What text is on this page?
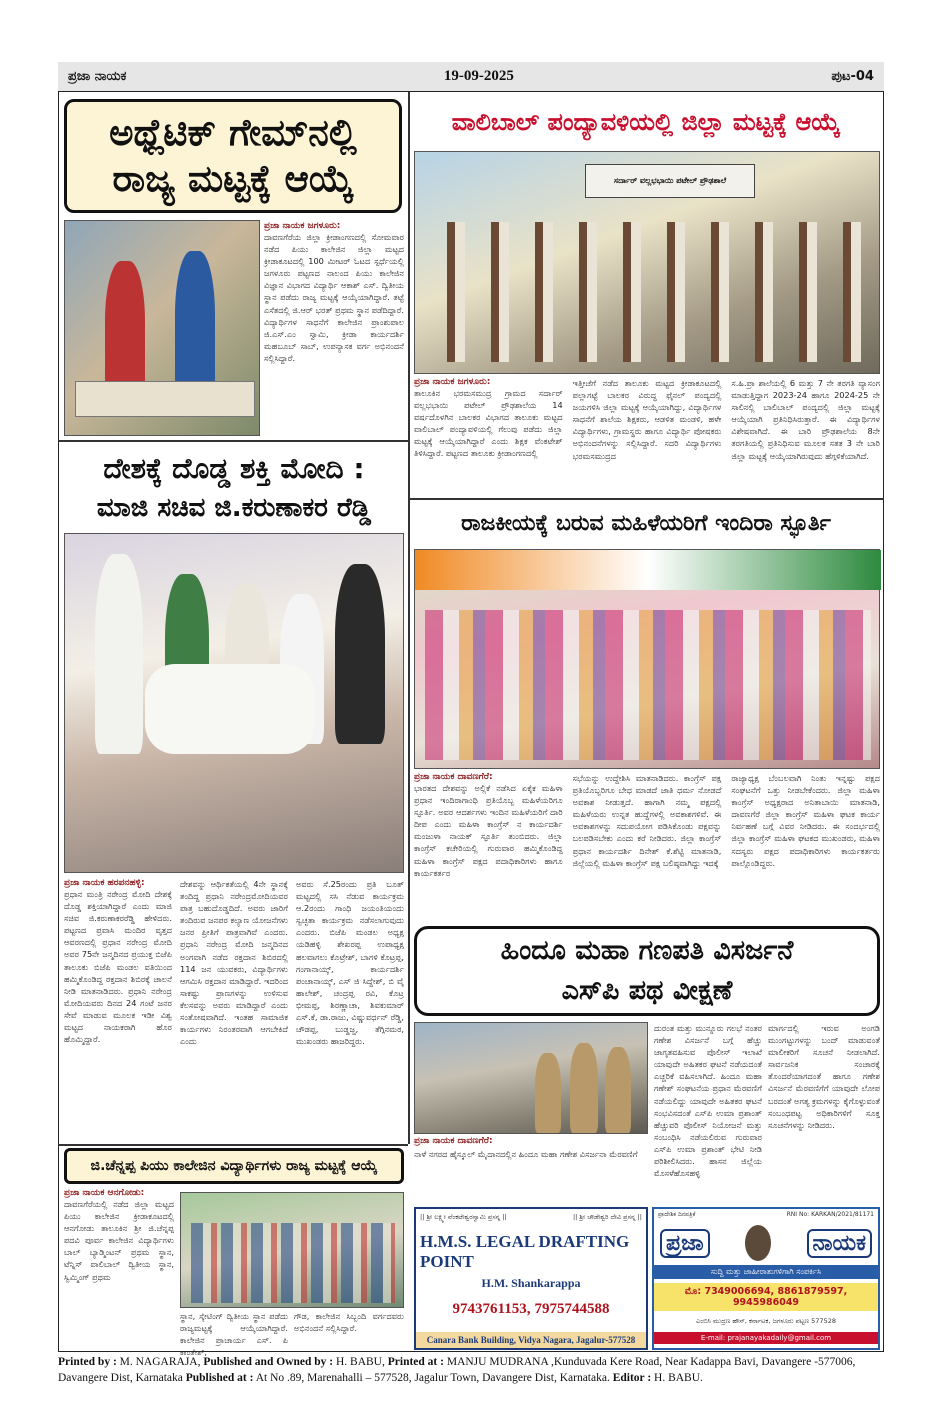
ಪ್ರಜಾ ನಾಯಕ	19-09-2025	ಪುಟ-04
ಅಥ್ಲೆಟಿಕ್ ಗೇಮ್‌ನಲ್ಲಿ
ರಾಜ್ಯ ಮಟ್ಟಕ್ಕೆ ಆಯ್ಕೆ
ಪ್ರಜಾ ನಾಯಕ ಜಗಳೂರು:
ದಾವಣಗೆರೆಯ ಜಿಲ್ಲಾ ಕ್ರೀಡಾಂಗಣದಲ್ಲಿ ಸೋಮವಾರ ನಡೆದ ಪಿಯು ಕಾಲೇಜಿನ ಜಿಲ್ಲಾ ಮಟ್ಟದ ಕ್ರೀಡಾಕೂಟದಲ್ಲಿ 100 ಮೀಟರ್ ಓಟದ ಸ್ಪರ್ಧೆಯಲ್ಲಿ ಜಗಳೂರು ಪಟ್ಟಣದ ನಾಲಂದ ಪಿಯು ಕಾಲೇಜಿನ ವಿಜ್ಞಾನ ವಿಭಾಗದ ವಿದ್ಯಾರ್ಥಿ ಆಕಾಶ್ ಎಸ್. ದ್ವಿತೀಯ ಸ್ಥಾನ ಪಡೆದು ರಾಜ್ಯ ಮಟ್ಟಕ್ಕೆ ಆಯ್ಕೆಯಾಗಿದ್ದಾರೆ. ತಟ್ಟೆ ಎಸೆತದಲ್ಲಿ ಜಿ.ಆರ್ ಭರತ್ ಪ್ರಥಮ ಸ್ಥಾನ ಪಡೆದಿದ್ದಾರೆ. ವಿದ್ಯಾರ್ಥಿಗಳ ಸಾಧನೆಗೆ ಕಾಲೇಜಿನ ಪ್ರಾಂಶುಪಾಲ ಜಿ.ಎಸ್.ಎಂ ಸ್ವಾಮಿ, ಕ್ರೀಡಾ ಕಾರ್ಯದರ್ಶಿ ಮಹಬೂಬ್ ಸಾಬ್, ಉಪನ್ಯಾಸಕ ವರ್ಗ ಅಭಿನಂದನೆ ಸಲ್ಲಿಸಿದ್ದಾರೆ.
ವಾಲಿಬಾಲ್ ಪಂದ್ಯಾವಳಿಯಲ್ಲಿ ಜಿಲ್ಲಾ ಮಟ್ಟಕ್ಕೆ ಆಯ್ಕೆ
ಸರ್ದಾರ್ ವಲ್ಲಭಭಾಯಿ ಪಟೇಲ್ ಪ್ರೌಢಶಾಲೆ
ಪ್ರಜಾ ನಾಯಕ ಜಗಳೂರು:
ತಾಲೂಕಿನ ಭರಮಸಮುದ್ರ ಗ್ರಾಮದ ಸರ್ದಾರ್ ವಲ್ಲಭಭಾಯಿ ಪಟೇಲ್ ಪ್ರೌಢಶಾಲೆಯ 14 ವರ್ಷದೊಳಗಿನ ಬಾಲಕರ ವಿಭಾಗದ ತಾಲೂಕು ಮಟ್ಟದ ವಾಲಿಬಾಲ್ ಪಂದ್ಯಾವಳಿಯಲ್ಲಿ ಗೆಲುವು ಪಡೆದು ಜಿಲ್ಲಾ ಮಟ್ಟಕ್ಕೆ ಆಯ್ಕೆಯಾಗಿದ್ದಾರೆ ಎಂದು ಶಿಕ್ಷಕ ವೆಂಕಟೇಶ್ ತಿಳಿಸಿದ್ದಾರೆ. ಪಟ್ಟಣದ ತಾಲೂಕು ಕ್ರೀಡಾಂಗಣದಲ್ಲಿ
ಇತ್ತೀಚೆಗೆ ನಡೆದ ತಾಲೂಕು ಮಟ್ಟದ ಕ್ರೀಡಾಕೂಟದಲ್ಲಿ ಪಲ್ಲಾಗಟ್ಟೆ ಬಾಲಕರ ವಿರುದ್ಧ ಫೈನಲ್ ಪಂದ್ಯದಲ್ಲಿ ಜಯಗಳಿಸಿ ಜಿಲ್ಲಾ ಮಟ್ಟಕ್ಕೆ ಆಯ್ಕೆಯಾಗಿದ್ದು, ವಿದ್ಯಾರ್ಥಿಗಳ ಸಾಧನೆಗೆ ಶಾಲೆಯ ಶಿಕ್ಷಕರು, ಆಡಳಿತ ಮಂಡಳಿ, ಹಳೇ ವಿದ್ಯಾರ್ಥಿಗಳು, ಗ್ರಾಮಸ್ಥರು ಹಾಗೂ ವಿದ್ಯಾರ್ಥಿ ಪೋಷಕರು ಅಭಿನಂದನೆಗಳನ್ನು ಸಲ್ಲಿಸಿದ್ದಾರೆ. ಸದರಿ ವಿದ್ಯಾರ್ಥಿಗಳು ಭರಮಸಮುದ್ರದ
ಸ.ಹಿ.ಪ್ರಾ ಶಾಲೆಯಲ್ಲಿ 6 ಮತ್ತು 7 ನೇ ತರಗತಿ ವ್ಯಾಸಂಗ ಮಾಡುತ್ತಿದ್ದಾಗ 2023-24 ಹಾಗೂ 2024-25 ನೇ ಸಾಲಿನಲ್ಲಿ ಬಾಲಿಬಾಲ್ ಪಂದ್ಯದಲ್ಲಿ ಜಿಲ್ಲಾ ಮಟ್ಟಕ್ಕೆ ಆಯ್ಕೆಯಾಗಿ ಪ್ರತಿನಿಧಿಸಿರುತ್ತಾರೆ. ಈ ವಿದ್ಯಾರ್ಥಿಗಳ ವಿಶೇಷವಾಗಿದೆ. ಈ ಬಾರಿ ಪ್ರೌಢಶಾಲೆಯ 8ನೇ ತರಗತಿಯಲ್ಲಿ ಪ್ರತಿನಿಧಿಸುವ ಮೂಲಕ ಸತತ 3 ನೇ ಬಾರಿ ಜಿಲ್ಲಾ ಮಟ್ಟಕ್ಕೆ ಆಯ್ಕೆಯಾಗಿರುವುದು ಹೆಗ್ಗಳಿಕೆಯಾಗಿದೆ.
ದೇಶಕ್ಕೆ ದೊಡ್ಡ ಶಕ್ತಿ ಮೋದಿ :
ಮಾಜಿ ಸಚಿವ ಜಿ.ಕರುಣಾಕರ ರೆಡ್ಡಿ
ಪ್ರಜಾ ನಾಯಕ ಹರಪನಹಳ್ಳಿ:
ಪ್ರಧಾನ ಮಂತ್ರಿ ನರೇಂದ್ರ ಮೋದಿ ದೇಶಕ್ಕೆ ದೊಡ್ಡ ಶಕ್ತಿಯಾಗಿದ್ದಾರೆ ಎಂದು ಮಾಜಿ ಸಚಿವ ಜಿ.ಕರುಣಾಕರರೆಡ್ಡಿ ಹೇಳಿದರು. ಪಟ್ಟಣದ ಪ್ರವಾಸಿ ಮಂದಿರ ವೃತ್ತದ ಆವರಣದಲ್ಲಿ ಪ್ರಧಾನ ನರೇಂದ್ರ ಮೋದಿ ಅವರ 75ನೇ ಜನ್ಮದಿನದ ಪ್ರಯುಕ್ತ ಬಿಜೆಪಿ ತಾಲೂಕು ಬಿಜೆಪಿ ಮಂಡಲ ವತಿಯಿಂದ ಹಮ್ಮಿಕೊಂಡಿದ್ದ ರಕ್ತದಾನ ಶಿಬಿರಕ್ಕೆ ಚಾಲನೆ ನೀಡಿ ಮಾತನಾಡಿದರು. ಪ್ರಧಾನಿ ನರೇಂದ್ರ ಮೋದಿಯವರು ದಿನದ 24 ಗಂಟೆ ಜನರ ಸೇವೆ ಮಾಡುವ ಮೂಲಕ ಇಡೀ ವಿಶ್ವ ಮಟ್ಟದ ನಾಯಕರಾಗಿ ಹೊರ ಹೊಮ್ಮಿದ್ದಾರೆ.
ದೇಶವನ್ನು ಆರ್ಥಿಕತೆಯಲ್ಲಿ 4ನೇ ಸ್ಥಾನಕ್ಕೆ ತಂದಿದ್ದ ಪ್ರಧಾನಿ ನರೇಂದ್ರಮೋದಿಯವರ ಪಾತ್ರ ಬಹುದೊಡ್ಡದಿದೆ. ಅವರು ಜಾರಿಗೆ ತಂದಿರುವ ಜನಪರ ಕಲ್ಯಾಣ ಯೋಜನೆಗಳು ಜನರ ಪ್ರೀತಿಗೆ ಪಾತ್ರವಾಗಿವೆ ಎಂದರು. ಪ್ರಧಾನಿ ನರೇಂದ್ರ ಮೋದಿ ಜನ್ಮದಿನದ ಅಂಗವಾಗಿ ನಡೆದ ರಕ್ತದಾನ ಶಿಬಿರದಲ್ಲಿ 114 ಜನ ಯುವಕರು, ವಿದ್ಯಾರ್ಥಿಗಳು ಆಗಮಿಸಿ ರಕ್ತದಾನ ಮಾಡಿದ್ದಾರೆ. ಇದರಿಂದ ಸಾಕಷ್ಟು ಪ್ರಾಣಗಳನ್ನು ಉಳಿಸುವ ಕೆಲಸವನ್ನು ಅವರು ಮಾಡಿದ್ದಾರೆ ಎಂದು ಸಂತೋಷವಾಗಿದೆ. ಇಂತಹ ಸಾಮಾಜಿಕ ಕಾರ್ಯಗಳು ನಿರಂತರವಾಗಿ ಆಗಬೇಕಿದೆ ಎಂದು
ಅವರು ಸೆ.25ರಂದು ಪ್ರತಿ ಬೂತ್ ಮಟ್ಟದಲ್ಲಿ ಸಸಿ ನೆಡುವ ಕಾರ್ಯಕ್ರಮ ಆ.2ರಂದು ಗಾಂಧಿ ಜಯಂತಿಯಂದು ಸ್ವಚ್ಛತಾ ಕಾರ್ಯಕ್ರಮ ನಡೆಸಲಾಗುವುದು ಎಂದರು. ಬಿಜೆಪಿ ಮಂಡಲ ಅಧ್ಯಕ್ಷ ಯಡಿಹಳ್ಳಿ ಶೇಖರಪ್ಪ ಉಪಾಧ್ಯಕ್ಷ ಹಲವಾಗಲು ಕೊಟ್ರೇಶ್, ಬಾಗಳಿ ಕೊಟ್ರಪ್ಪ, ಗಂಗಾನಾಯ್ಕ್, ಕಾರ್ಯದರ್ಶಿ ಪಂಚಾನಾಯ್ಕ್, ಎಸ್ ಜಿ ಸಿದ್ದೇಶ್, ಬಿ ವೈ ಹಾಲೇಶ್, ಚಂದ್ರಪ್ಪ ರವಿ, ಕೊಟ್ರ ಭೀಮಪ್ಪ, ಶಿರಣ್ಣಾಚಾ, ಶಿವಕುಮಾರ್ ಎಸ್.ಕೆ, ಡಾ.ರಾಜು, ವಿಷ್ಣುವರ್ಧನ್ ರೆಡ್ಡಿ, ಚೌಡಪ್ಪ, ಬುಡ್ಡಜ್ಜ, ತೆಗ್ಗಿನಮಠ, ಮುಖಂಡರು ಹಾಜರಿದ್ದರು.
ರಾಜಕೀಯಕ್ಕೆ ಬರುವ ಮಹಿಳೆಯರಿಗೆ ಇಂದಿರಾ ಸ್ಫೂರ್ತಿ
ಪ್ರಜಾ ನಾಯಕ ದಾವಣಗೆರೆ:
ಭಾರತದ ದೇಶವನ್ನು ಅಲ್ಲಿಕೆ ನಡೆಸಿದ ಏಕೈಕ ಮಹಿಳಾ ಪ್ರಧಾನ ಇಂದಿರಾಗಾಂಧಿ ಪ್ರತಿಯೊಬ್ಬ ಮಹಿಳೆಯರಿಗೂ ಸ್ಫೂರ್ತಿ. ಅವರ ಆದರ್ಶಗಳು ಇಂದಿನ ಮಹಿಳೆಯರಿಗೆ ದಾರಿ ದೀಪ ಎಂದು ಮಹಿಳಾ ಕಾಂಗ್ರೆಸ್ ನ ಕಾರ್ಯದರ್ಶಿ ಮಂಜುಳಾ ನಾಯಕ್ ಸ್ಫೂರ್ತಿ ತುಂಬಿದರು. ಜಿಲ್ಲಾ ಕಾಂಗ್ರೆಸ್ ಕಚೇರಿಯಲ್ಲಿ ಗುರುವಾರ ಹಮ್ಮಿಕೊಂಡಿದ್ದ ಮಹಿಳಾ ಕಾಂಗ್ರೆಸ್ ಪಕ್ಷದ ಪದಾಧಿಕಾರಿಗಳು ಹಾಗೂ ಕಾರ್ಯಕರ್ತರ
ಸಭೆಯನ್ನು ಉದ್ದೇಶಿಸಿ ಮಾತನಾಡಿದರು. ಕಾಂಗ್ರೆಸ್ ಪಕ್ಷ ಪ್ರತಿಯೊಬ್ಬರಿಗೂ ಬೇಧ ಮಾಡದೆ ಜಾತಿ ಧರ್ಮ ನೋಡದೆ ಅವಕಾಶ ನೀಡುತ್ತದೆ. ಹಾಗಾಗಿ ನಮ್ಮ ಪಕ್ಷದಲ್ಲಿ ಮಹಿಳೆಯರು ಉನ್ನತ ಹುದ್ದೆಗಳಲ್ಲಿ ಅವಕಾಶಗಳಿವೆ. ಈ ಅವಕಾಶಗಳನ್ನು ಸದುಪಯೋಗ ಪಡಿಸಿಕೊಂಡು ಪಕ್ಷವನ್ನು ಬಲಪಡಿಸಬೇಕು ಎಂದು ಕರೆ ನೀಡಿದರು. ಜಿಲ್ಲಾ ಕಾಂಗ್ರೆಸ್ ಪ್ರಧಾನ ಕಾರ್ಯದರ್ಶಿ ದಿನೇಶ್ ಕೆ.ಶೆಟ್ಟಿ ಮಾತನಾಡಿ, ಜಿಲ್ಲೆಯಲ್ಲಿ ಮಹಿಳಾ ಕಾಂಗ್ರೆಸ್ ಪಕ್ಷ ಬಲಿಷ್ಠವಾಗಿದ್ದು ಇದಕ್ಕೆ
ರಾಜ್ಯಾಧ್ಯಕ್ಷ ಬೆಂಬಲವಾಗಿ ನಿಂತು ಇನ್ನಷ್ಟು ಪಕ್ಷದ ಸಂಘಟನೆಗೆ ಒತ್ತು ನೀಡಬೇಕೆಂದರು. ಜಿಲ್ಲಾ ಮಹಿಳಾ ಕಾಂಗ್ರೆಸ್ ಅಧ್ಯಕ್ಷರಾದ ಅನಿತಾಬಾಯಿ ಮಾತನಾಡಿ, ದಾವಣಗೆರೆ ಜಿಲ್ಲಾ ಕಾಂಗ್ರೆಸ್ ಮಹಿಳಾ ಘಟಕ ಕಾರ್ಯ ನಿರ್ವಹಣೆ ಬಗ್ಗೆ ವಿವರ ನೀಡಿದರು. ಈ ಸಂದರ್ಭದಲ್ಲಿ ಜಿಲ್ಲಾ ಕಾಂಗ್ರೆಸ್ ಮಹಿಳಾ ಘಟಕದ ಮುಖಂಡರು, ಮಹಿಳಾ ಸದಸ್ಯರು ಪಕ್ಷದ ಪದಾಧಿಕಾರಿಗಳು ಕಾರ್ಯಕರ್ತರು ಪಾಲ್ಗೊಂಡಿದ್ದರು.
ಹಿಂದೂ ಮಹಾ ಗಣಪತಿ ವಿಸರ್ಜನೆ
ಎಸ್‌ಪಿ ಪಥ ವೀಕ್ಷಣೆ
ಪ್ರಜಾ ನಾಯಕ ದಾವಣಗೆರೆ:
ನಾಳೆ ನಗರದ ಹೈಸ್ಕೂಲ್ ಮೈದಾನದಲ್ಲಿನ ಹಿಂದೂ ಮಹಾ ಗಣೇಶ ವಿಸರ್ಜನಾ ಮೆರವಣಿಗೆ
ದುರಂತ ಮತ್ತು ಮುನ್ನೂರು ಗಲಭೆ ನಂತರ ಗಣೇಶ ವಿಸರ್ಜನೆ ಬಗ್ಗೆ ಹೆಚ್ಚು ಜಾಗೃತವಹಿಸುವ ಪೊಲೀಸ್ ಇಲಾಖೆ ಯಾವುದೇ ಅಹಿತಕರ ಘಟನೆ ನಡೆಯದಂತೆ ಎಚ್ಚರಿಕೆ ವಹಿಸಲಾಗಿದೆ. ಹಿಂದೂ ಮಹಾ ಗಣೇಶ್ ಸಂಘಟನೆಯ ಪ್ರಧಾನ ಮೆರವಣಿಗೆ ನಡೆಯಲಿದ್ದು ಯಾವುದೇ ಅಹಿತಕರ ಘಟನೆ ಸಂಭವಿಸದಂತೆ ಎಸ್‌ಪಿ ಉಮಾ ಪ್ರಶಾಂತ್ ಹೆಚ್ಚುವರಿ ಪೊಲೀಸ್ ನಿಯೋಜನೆ ಮತ್ತು ಸಂಬಂಧಿಸಿ ನಡೆಯಲಿರುವ ಗುರುವಾರ ಎಸ್‌ಪಿ ಉಮಾ ಪ್ರಶಾಂತ್ ಭೇಟಿ ನೀಡಿ ಪರಿಶೀಲಿಸಿದರು. ಹಾಸನ ಜಿಲ್ಲೆಯ ಮೊಸಳೆಹೊಸಹಳ್ಳಿ
ಮಾರ್ಗದಲ್ಲಿ ಇರುವ ಅಂಗಡಿ ಮುಂಗಟ್ಟುಗಳನ್ನು ಬಂದ್ ಮಾಡುವಂತೆ ಮಾಲೀಕರಿಗೆ ಸೂಚನೆ ನೀಡಲಾಗಿದೆ. ಸಾರ್ವಜನಿಕ ಸಂಚಾರಕ್ಕೆ ತೊಂದರೆಯಾಗದಂತೆ ಹಾಗೂ ಗಣೇಶ ವಿಸರ್ಜನೆ ಮೆರವಣಿಗೆಗೆ ಯಾವುದೇ ಲೋಪ ಬರದಂತೆ ಅಗತ್ಯ ಕ್ರಮಗಳನ್ನು ಕೈಗೊಳ್ಳುವಂತೆ ಸಂಬಂಧಪಟ್ಟ ಅಧಿಕಾರಿಗಳಿಗೆ ಸೂಕ್ತ ಸೂಚನೆಗಳನ್ನು ನೀಡಿದರು.
ಜಿ.ಚೆನ್ನಪ್ಪ ಪಿಯು ಕಾಲೇಜಿನ ವಿದ್ಯಾರ್ಥಿಗಳು ರಾಜ್ಯ ಮಟ್ಟಕ್ಕೆ ಆಯ್ಕೆ
ಪ್ರಜಾ ನಾಯಕ ಆನಗೋಡು:
ದಾವಣಗೆರೆಯಲ್ಲಿ ನಡೆದ ಜಿಲ್ಲಾ ಮಟ್ಟದ ಪಿಯು ಕಾಲೇಜಿನ ಕ್ರೀಡಾಕೂಟದಲ್ಲಿ ಆನಗೋಡು ತಾಲೂಕಿನ ಶ್ರೀ ಜಿ.ಚೆನ್ನಪ್ಪ ಪದವಿ ಪೂರ್ವ ಕಾಲೇಜಿನ ವಿದ್ಯಾರ್ಥಿಗಳು ಬಾಲ್ ಬ್ಯಾಡ್ಮಿಂಟನ್ ಪ್ರಥಮ ಸ್ಥಾನ, ಟೆನ್ನಿಸ್ ವಾಲಿಬಾಲ್ ದ್ವಿತೀಯ ಸ್ಥಾನ, ಸ್ವಿಮ್ಮಿಂಗ್ ಪ್ರಥಮ
ಸ್ಥಾನ, ಸ್ಕೇಟಿಂಗ್ ದ್ವಿತೀಯ ಸ್ಥಾನ ಪಡೆದು ರಾಜ್ಯಮಟ್ಟಕ್ಕೆ ಆಯ್ಕೆಯಾಗಿದ್ದಾರೆ. ಕಾಲೇಜಿನ ಪ್ರಾಚಾರ್ಯ ಎಸ್. ಪಿ ಕಾಂತೇಶ್,
ಗೌಡ, ಕಾಲೇಜಿನ ಸಿಬ್ಬಂದಿ ವರ್ಗದವರು ಅಭಿನಂದನೆ ಸಲ್ಲಿಸಿದ್ದಾರೆ.
|| ಶ್ರೀ ಲಕ್ಷ್ಮೀ ವೆಂಕಟೇಶ್ವರಸ್ವಾಮಿ ಪ್ರಸನ್ನ ||	|| ಶ್ರೀ ಚೌಡೇಶ್ವರಿ ದೇವಿ ಪ್ರಸನ್ನ ||
H.M.S. LEGAL DRAFTING POINT
H.M. Shankarappa
9743761153, 7975744588
Canara Bank Building, Vidya Nagara, Jagalur-577528
ಪ್ರಾದೇಶಿಕ ದಿನಪತ್ರಿಕೆ	RNI No: KARKAN/2021/81171
ಪ್ರಜಾ	ನಾಯಕ
ಸುದ್ದಿ ಮತ್ತು ಜಾಹೀರಾತುಗಳಿಗಾಗಿ ಸಂಪರ್ಕಿಸಿ
ಮೊ: 7349006694, 8861879597, 9945986049
ಎಂಬಿಸಿ ಮುದ್ರಣ ಹೌಸ್, ಕರ್ನಾಟಕ, ಜಗಳೂರು ಪಟ್ಟಣ 577528
E-mail: prajanayakadaily@gmail.com
Printed by : M. NAGARAJA, Published and Owned by : H. BABU, Printed at : MANJU MUDRANA ,Kunduvada Kere Road, Near Kadappa Bavi, Davangere -577006, Davangere Dist, Karnataka Published at : At No .89, Marenahalli – 577528, Jagalur Town, Davangere Dist, Karnataka. Editor : H. BABU.
